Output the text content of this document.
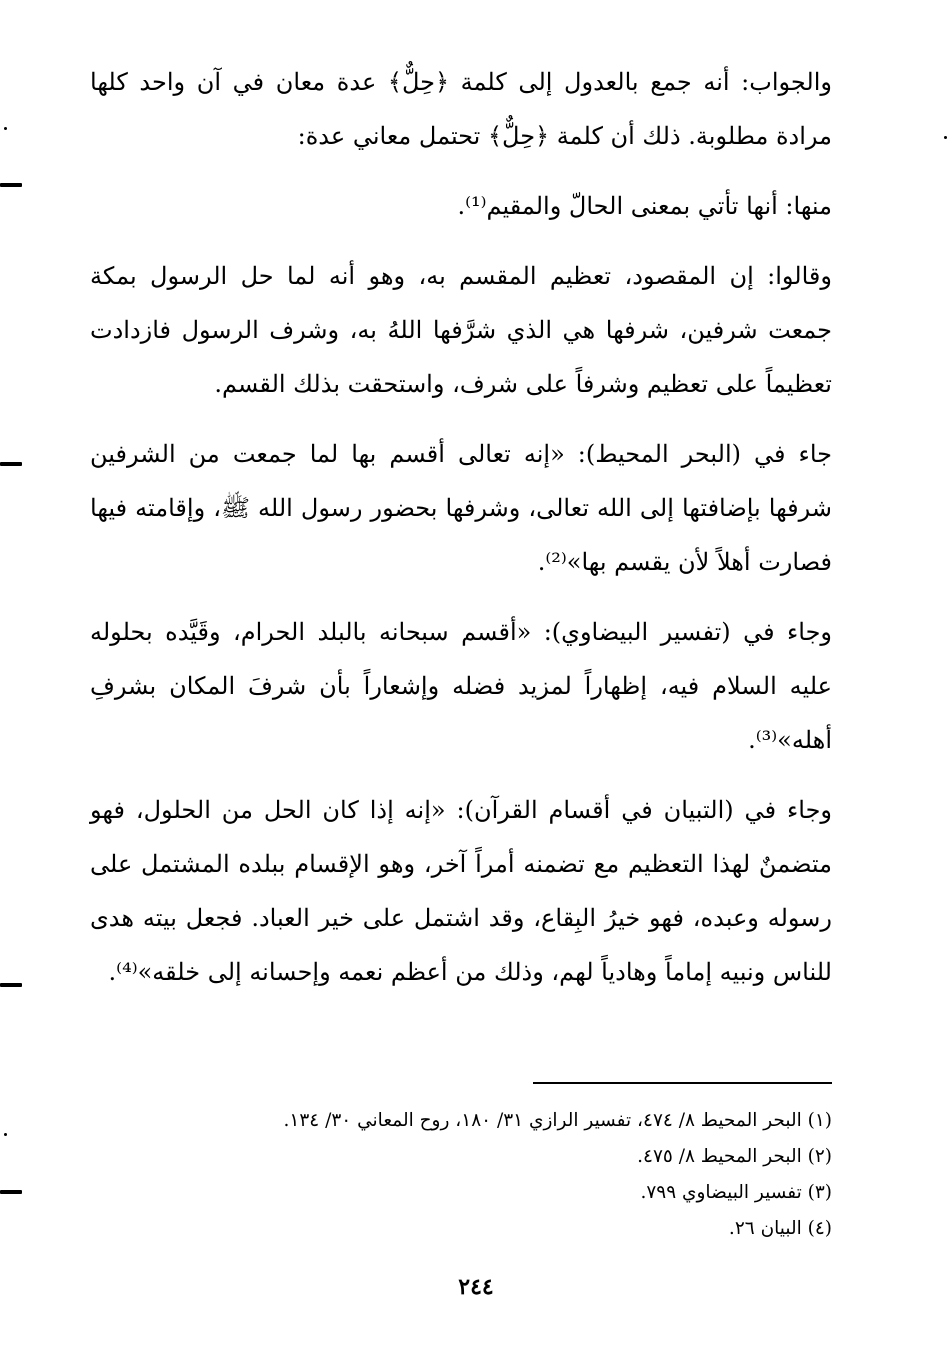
والجواب: أنه جمع بالعدول إلى كلمة ﴿حِلٌّ﴾ عدة معان في آن واحد كلها مرادة مطلوبة. ذلك أن كلمة ﴿حِلٌّ﴾ تحتمل معاني عدة:

منها: أنها تأتي بمعنى الحالّ والمقيم⁽¹⁾.

وقالوا: إن المقصود، تعظيم المقسم به، وهو أنه لما حل الرسول بمكة جمعت شرفين، شرفها هي الذي شرَّفها اللهُ به، وشرف الرسول فازدادت تعظيماً على تعظيم وشرفاً على شرف، واستحقت بذلك القسم.

جاء في (البحر المحيط): «إنه تعالى أقسم بها لما جمعت من الشرفين شرفها بإضافتها إلى الله تعالى، وشرفها بحضور رسول الله ﷺ، وإقامته فيها فصارت أهلاً لأن يقسم بها»⁽²⁾.

وجاء في (تفسير البيضاوي): «أقسم سبحانه بالبلد الحرام، وقَيَّده بحلوله عليه السلام فيه، إظهاراً لمزيد فضله وإشعاراً بأن شرفَ المكان بشرفِ أهله»⁽³⁾.

وجاء في (التبيان في أقسام القرآن): «إنه إذا كان الحل من الحلول، فهو متضمنٌ لهذا التعظيم مع تضمنه أمراً آخر، وهو الإقسام ببلده المشتمل على رسوله وعبده، فهو خيرُ البِقاع، وقد اشتمل على خير العباد. فجعل بيته هدى للناس ونبيه إماماً وهادياً لهم، وذلك من أعظم نعمه وإحسانه إلى خلقه»⁽⁴⁾.

(١) البحر المحيط ٨/ ٤٧٤، تفسير الرازي ٣١/ ١٨٠، روح المعاني ٣٠/ ١٣٤.

(٢) البحر المحيط ٨/ ٤٧٥.

(٣) تفسير البيضاوي ٧٩٩.

(٤) البيان ٢٦.

٢٤٤
